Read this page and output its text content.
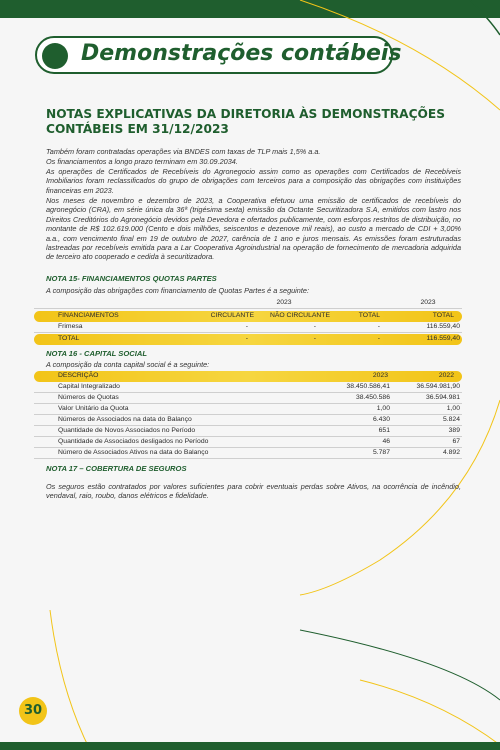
Demonstrações contábeis
NOTAS EXPLICATIVAS DA DIRETORIA ÀS DEMONSTRAÇÕES CONTÁBEIS EM 31/12/2023
Também foram contratadas operações via BNDES com taxas de TLP mais 1,5% a.a.
Os financiamentos a longo prazo terminam em 30.09.2034.
As operações de Certificados de Recebíveis do Agronegocio assim como as operações com Certificados de Recebíveis Imobiliarios foram reclassificados do grupo de obrigações com terceiros para a composição das obrigações com instituições financeiras em 2023.
Nos meses de novembro e dezembro de 2023, a Cooperativa efetuou uma emissão de certificados de recebíveis do agronegócio (CRA), em série única da 36ª (trigésima sexta) emissão da Octante Securitizadora S.A, emitidos com lastro nos Direitos Creditórios do Agronegócio devidos pela Devedora e ofertados publicamente, com esforços restritos de distribuição, no montante de R$ 102.619.000 (Cento e dois milhões, seiscentos e dezenove mil reais), ao custo a mercado de CDI + 3,00% a.a., com vencimento final em 19 de outubro de 2027, carência de 1 ano e juros mensais. As emissões foram estruturadas lastreadas por recebíveis emitida para a Lar Cooperativa Agroindustrial na operação de fornecimento de mercadoria adquirida de terceiro ato cooperado e cedida à securitizadora.
NOTA 15- FINANCIAMENTOS QUOTAS PARTES
A composição das obrigações com financiamento de Quotas Partes é a seguinte:
2023	2023
FINANCIAMENTOS	CIRCULANTE	NÃO CIRCULANTE	TOTAL	TOTAL
Frimesa	-	-	-	116.559,40
TOTAL	-	-	-	116.559,40
NOTA 16 - CAPITAL SOCIAL
A composição da conta capital social é a seguinte:
DESCRIÇÃO	2023	2022
Capital Integralizado	38.450.586,41	36.594.981,90
Números de Quotas	38.450.586	36.594.981
Valor Unitário da Quota	1,00	1,00
Números de Associados na data do Balanço	6.430	5.824
Quantidade de Novos Associados no Período	651	389
Quantidade de Associados desligados no Período	46	67
Número de Associados Ativos na data do Balanço	5.787	4.892
NOTA 17 – COBERTURA DE SEGUROS
Os seguros estão contratados por valores suficientes para cobrir eventuais perdas sobre Ativos, na ocorrência de incêndio, vendaval, raio, roubo, danos elétricos e fidelidade.
30
